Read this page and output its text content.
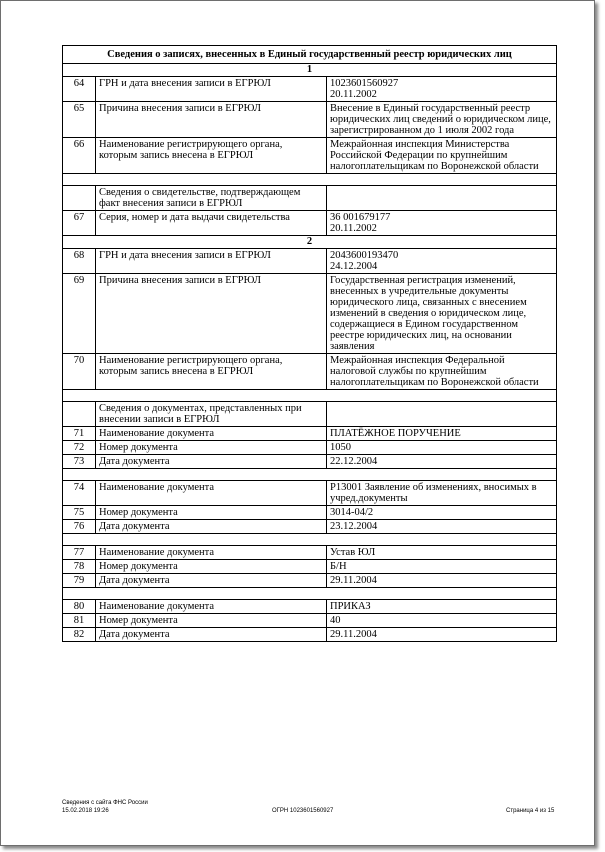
Сведения о записях, внесенных в Единый государственный реестр юридических лиц		
1		
64	ГРН и дата внесения записи в ЕГРЮЛ	1023601560927
20.11.2002
65	Причина внесения записи в ЕГРЮЛ	Внесение в Единый государственный реестр юридических лиц сведений о юридическом лице, зарегистрированном до 1 июля 2002 года
66	Наименование регистрирующего органа, которым запись внесена в ЕГРЮЛ	Межрайонная инспекция Министерства Российской Федерации по крупнейшим налогоплательщикам по Воронежской области

	Сведения о свидетельстве, подтверждающем факт внесения записи в ЕГРЮЛ	
67	Серия, номер и дата выдачи свидетельства	36 001679177
20.11.2002
2		
68	ГРН и дата внесения записи в ЕГРЮЛ	2043600193470
24.12.2004
69	Причина внесения записи в ЕГРЮЛ	Государственная регистрация изменений, внесенных в учредительные документы юридического лица, связанных с внесением изменений в сведения о юридическом лице, содержащиеся в Едином государственном реестре юридических лиц, на основании заявления
70	Наименование регистрирующего органа, которым запись внесена в ЕГРЮЛ	Межрайонная инспекция Федеральной налоговой службы по крупнейшим налогоплательщикам по Воронежской области

	Сведения о документах, представленных при внесении записи в ЕГРЮЛ	
71	Наименование документа	ПЛАТЁЖНОЕ ПОРУЧЕНИЕ
72	Номер документа	1050
73	Дата документа	22.12.2004

74	Наименование документа	Р13001 Заявление об изменениях, вносимых в учред.документы
75	Номер документа	3014-04/2
76	Дата документа	23.12.2004

77	Наименование документа	Устав ЮЛ
78	Номер документа	Б/Н
79	Дата документа	29.11.2004

80	Наименование документа	ПРИКАЗ
81	Номер документа	40
82	Дата документа	29.11.2004
Сведения с сайта ФНС России
15.02.2018 19:26	ОГРН 1023601560927	Страница 4 из 15
